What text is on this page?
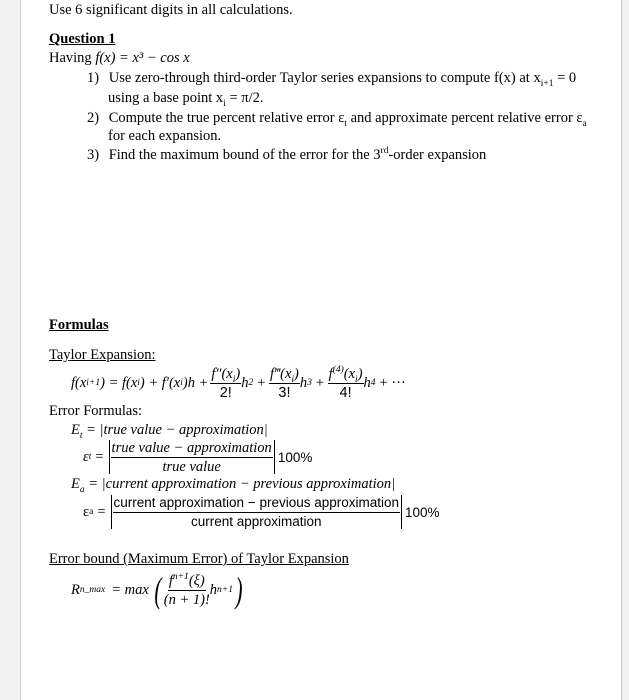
Use 6 significant digits in all calculations.
Question 1
Having f(x) = x³ − cos x
1) Use zero-through third-order Taylor series expansions to compute f(x) at $x_{i+1} = 0$
using a base point $x_i = \pi/2$.
2) Compute the true percent relative error $\varepsilon_t$ and approximate percent relative error $\varepsilon_a$
for each expansion.
3) Find the maximum bound of the error for the 3rd-order expansion
Formulas
Taylor Expansion:
f(x i+1 ) = f(x i ) + f′(x i )$h + \frac{f''(x_i)}{2!}$ h $2 + \frac{f‴(x_i)}{3!}$ h $3 + \frac{f^{(4)}(x_i)}{4!}$ h 4 + ···
Error Formulas:
$E_t$ = |true value − approximation|
ε $t = \frac{\text{true value − approximation}}{\text{true value}} 100\%$
$E_a$ = |current approximation − previous approximation|
ε $a = \frac{\text{current approximation − previous approximation}}{\text{current approximation}} 100\%$
Error bound (Maximum Error) of Taylor Expansion
R n_max = max ( $\frac{f^{n+1}(\xi)}{(n + 1)!}$ h n+1 )
